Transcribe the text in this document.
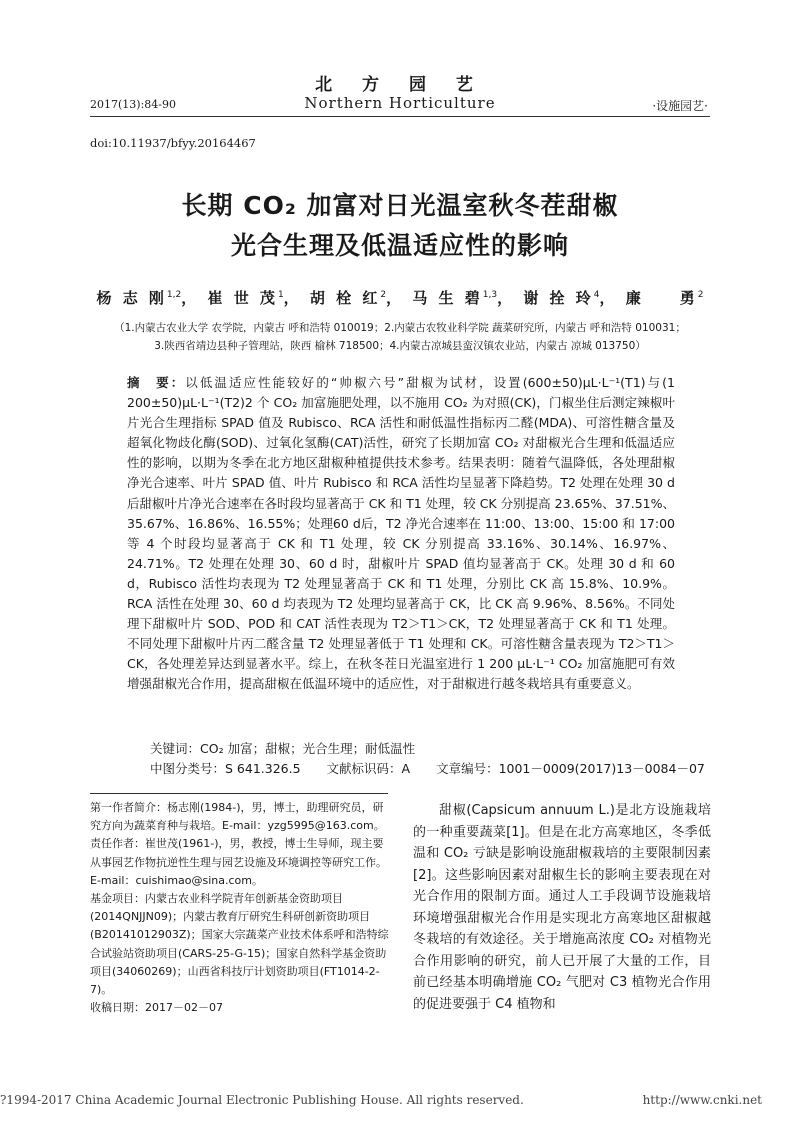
北 方 园 艺
Northern Horticulture
2017(13):84-90	·设施园艺·
doi:10.11937/bfyy.20164467
长期 CO₂ 加富对日光温室秋冬茬甜椒
光合生理及低温适应性的影响
杨 志 刚$^{1,2}$， 崔 世 茂$^1$， 胡 栓 红$^2$， 马 生 碧$^{1,3}$， 谢 拴 玲$^4$， 廉　　勇$^2$
（1.内蒙古农业大学 农学院，内蒙古 呼和浩特 010019；2.内蒙古农牧业科学院 蔬菜研究所，内蒙古 呼和浩特 010031；
3.陕西省靖边县种子管理站，陕西 榆林 718500；4.内蒙古凉城县蛮汉镇农业站，内蒙古 凉城 013750）
摘　要：以低温适应性能较好的“帅椒六号”甜椒为试材，设置(600±50)μL·L⁻¹(T1)与(1 200±50)μL·L⁻¹(T2)2 个 CO₂ 加富施肥处理，以不施用 CO₂ 为对照(CK)，门椒坐住后测定辣椒叶片光合生理指标 SPAD 值及 Rubisco、RCA 活性和耐低温性指标丙二醛(MDA)、可溶性糖含量及超氧化物歧化酶(SOD)、过氧化氢酶(CAT)活性，研究了长期加富 CO₂ 对甜椒光合生理和低温适应性的影响，以期为冬季在北方地区甜椒种植提供技术参考。结果表明：随着气温降低，各处理甜椒净光合速率、叶片 SPAD 值、叶片 Rubisco 和 RCA 活性均呈显著下降趋势。T2 处理在处理 30 d 后甜椒叶片净光合速率在各时段均显著高于 CK 和 T1 处理，较 CK 分别提高 23.65%、37.51%、35.67%、16.86%、16.55%；处理60 d后，T2 净光合速率在 11:00、13:00、15:00 和 17:00 等 4 个时段均显著高于 CK 和 T1 处理，较 CK 分别提高 33.16%、30.14%、16.97%、24.71%。T2 处理在处理 30、60 d 时，甜椒叶片 SPAD 值均显著高于 CK。处理 30 d 和 60 d，Rubisco 活性均表现为 T2 处理显著高于 CK 和 T1 处理，分别比 CK 高 15.8%、10.9%。RCA 活性在处理 30、60 d 均表现为 T2 处理均显著高于 CK，比 CK 高 9.96%、8.56%。不同处理下甜椒叶片 SOD、POD 和 CAT 活性表现为 T2＞T1＞CK，T2 处理显著高于 CK 和 T1 处理。不同处理下甜椒叶片丙二醛含量 T2 处理显著低于 T1 处理和 CK。可溶性糖含量表现为 T2＞T1＞CK，各处理差异达到显著水平。综上，在秋冬茬日光温室进行 1 200 μL·L⁻¹ CO₂ 加富施肥可有效增强甜椒光合作用，提高甜椒在低温环境中的适应性，对于甜椒进行越冬栽培具有重要意义。
关键词：CO₂ 加富；甜椒；光合生理；耐低温性
中图分类号：S 641.326.5 文献标识码：A 文章编号：1001－0009(2017)13－0084－07
第一作者简介：杨志刚(1984-)，男，博士，助理研究员，研究方向为蔬菜育种与栽培。E-mail：yzg5995@163.com。
责任作者：崔世茂(1961-)，男，教授，博士生导师，现主要从事园艺作物抗逆性生理与园艺设施及环境调控等研究工作。E-mail：cuishimao@sina.com。
基金项目：内蒙古农业科学院青年创新基金资助项目(2014QNJJN09)；内蒙古教育厅研究生科研创新资助项目(B20141012903Z)；国家大宗蔬菜产业技术体系呼和浩特综合试验站资助项目(CARS-25-G-15)；国家自然科学基金资助项目(34060269)；山西省科技厅计划资助项目(FT1014-2-7)。
收稿日期：2017－02－07
甜椒(Capsicum annuum L.)是北方设施栽培的一种重要蔬菜[1]。但是在北方高寒地区，冬季低温和 CO₂ 亏缺是影响设施甜椒栽培的主要限制因素[2]。这些影响因素对甜椒生长的影响主要表现在对光合作用的限制方面。通过人工手段调节设施栽培环境增强甜椒光合作用是实现北方高寒地区甜椒越冬栽培的有效途径。关于增施高浓度 CO₂ 对植物光合作用影响的研究，前人已开展了大量的工作，目前已经基本明确增施 CO₂ 气肥对 C3 植物光合作用的促进要强于 C4 植物和
?1994-2017 China Academic Journal Electronic Publishing House. All rights reserved.	http://www.cnki.net
